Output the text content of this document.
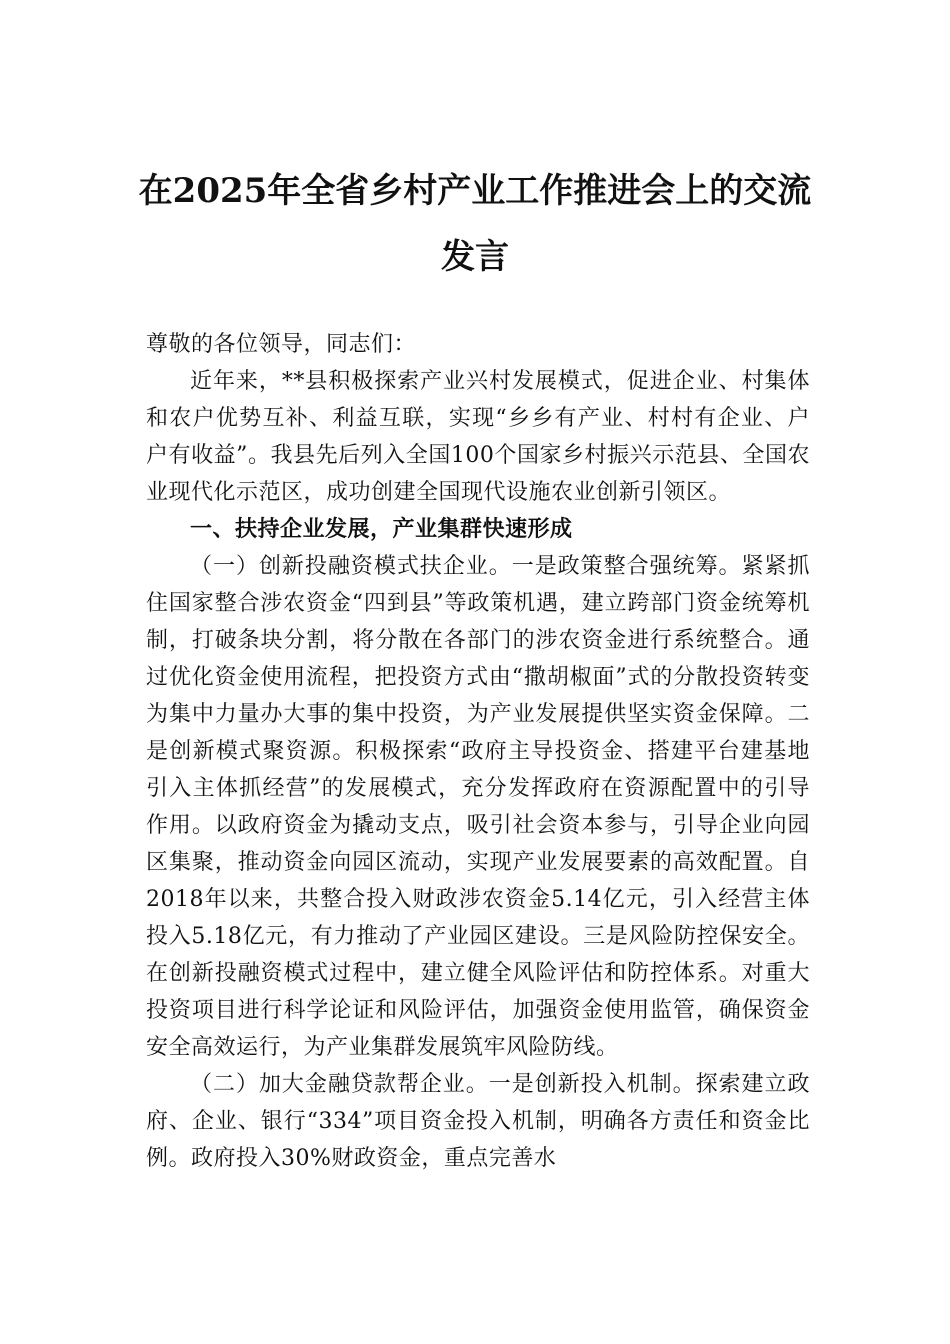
在2025年全省乡村产业工作推进会上的交流发言

尊敬的各位领导，同志们：

近年来，**县积极探索产业兴村发展模式，促进企业、村集体和农户优势互补、利益互联，实现“乡乡有产业、村村有企业、户户有收益”。我县先后列入全国100个国家乡村振兴示范县、全国农业现代化示范区，成功创建全国现代设施农业创新引领区。

一、扶持企业发展，产业集群快速形成

（一）创新投融资模式扶企业。一是政策整合强统筹。紧紧抓住国家整合涉农资金“四到县”等政策机遇，建立跨部门资金统筹机制，打破条块分割，将分散在各部门的涉农资金进行系统整合。通过优化资金使用流程，把投资方式由“撒胡椒面”式的分散投资转变为集中力量办大事的集中投资，为产业发展提供坚实资金保障。二是创新模式聚资源。积极探索“政府主导投资金、搭建平台建基地引入主体抓经营”的发展模式，充分发挥政府在资源配置中的引导作用。以政府资金为撬动支点，吸引社会资本参与，引导企业向园区集聚，推动资金向园区流动，实现产业发展要素的高效配置。自2018年以来，共整合投入财政涉农资金5.14亿元，引入经营主体投入5.18亿元，有力推动了产业园区建设。三是风险防控保安全。在创新投融资模式过程中，建立健全风险评估和防控体系。对重大投资项目进行科学论证和风险评估，加强资金使用监管，确保资金安全高效运行，为产业集群发展筑牢风险防线。

（二）加大金融贷款帮企业。一是创新投入机制。探索建立政府、企业、银行“334”项目资金投入机制，明确各方责任和资金比例。政府投入30%财政资金，重点完善水
